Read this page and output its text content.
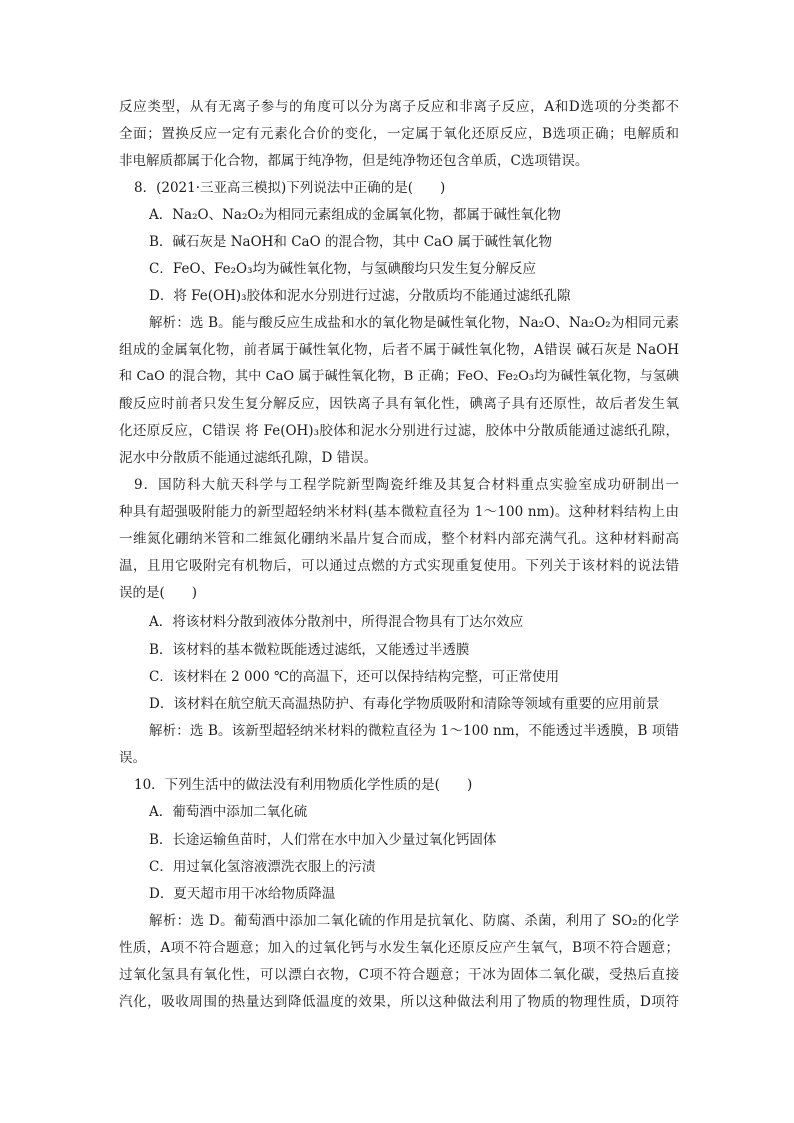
反应类型，从有无离子参与的角度可以分为离子反应和非离子反应，A和D选项的分类都不
全面；置换反应一定有元素化合价的变化，一定属于氧化还原反应，B选项正确；电解质和
非电解质都属于化合物，都属于纯净物，但是纯净物还包含单质，C选项错误。
8．(2021·三亚高三模拟)下列说法中正确的是(　　)
A．Na₂O、Na₂O₂为相同元素组成的金属氧化物，都属于碱性氧化物
B．碱石灰是 NaOH和 CaO 的混合物，其中 CaO 属于碱性氧化物
C．FeO、Fe₂O₃均为碱性氧化物，与氢碘酸均只发生复分解反应
D．将 Fe(OH)₃胶体和泥水分别进行过滤，分散质均不能通过滤纸孔隙
解析：选 B。能与酸反应生成盐和水的氧化物是碱性氧化物，Na₂O、Na₂O₂为相同元素
组成的金属氧化物，前者属于碱性氧化物，后者不属于碱性氧化物，A错误 碱石灰是 NaOH
和 CaO 的混合物，其中 CaO 属于碱性氧化物，B 正确；FeO、Fe₂O₃均为碱性氧化物，与氢碘
酸反应时前者只发生复分解反应，因铁离子具有氧化性，碘离子具有还原性，故后者发生氧
化还原反应，C错误 将 Fe(OH)₃胶体和泥水分别进行过滤，胶体中分散质能通过滤纸孔隙，
泥水中分散质不能通过滤纸孔隙，D 错误。
9．国防科大航天科学与工程学院新型陶瓷纤维及其复合材料重点实验室成功研制出一
种具有超强吸附能力的新型超轻纳米材料(基本微粒直径为 1～100 nm)。这种材料结构上由
一维氮化硼纳米管和二维氮化硼纳米晶片复合而成，整个材料内部充满气孔。这种材料耐高
温，且用它吸附完有机物后，可以通过点燃的方式实现重复使用。下列关于该材料的说法错
误的是(　　)
A．将该材料分散到液体分散剂中，所得混合物具有丁达尔效应
B．该材料的基本微粒既能透过滤纸，又能透过半透膜
C．该材料在 2 000 ℃的高温下，还可以保持结构完整，可正常使用
D．该材料在航空航天高温热防护、有毒化学物质吸附和清除等领域有重要的应用前景
解析：选 B。该新型超轻纳米材料的微粒直径为 1～100 nm，不能透过半透膜，B 项错
误。
10．下列生活中的做法没有利用物质化学性质的是(　　)
A．葡萄酒中添加二氧化硫
B．长途运输鱼苗时，人们常在水中加入少量过氧化钙固体
C．用过氧化氢溶液漂洗衣服上的污渍
D．夏天超市用干冰给物质降温
解析：选 D。葡萄酒中添加二氧化硫的作用是抗氧化、防腐、杀菌，利用了 SO₂的化学
性质，A项不符合题意；加入的过氧化钙与水发生氧化还原反应产生氧气，B项不符合题意；
过氧化氢具有氧化性，可以漂白衣物，C项不符合题意；干冰为固体二氧化碳，受热后直接
汽化，吸收周围的热量达到降低温度的效果，所以这种做法利用了物质的物理性质，D项符
